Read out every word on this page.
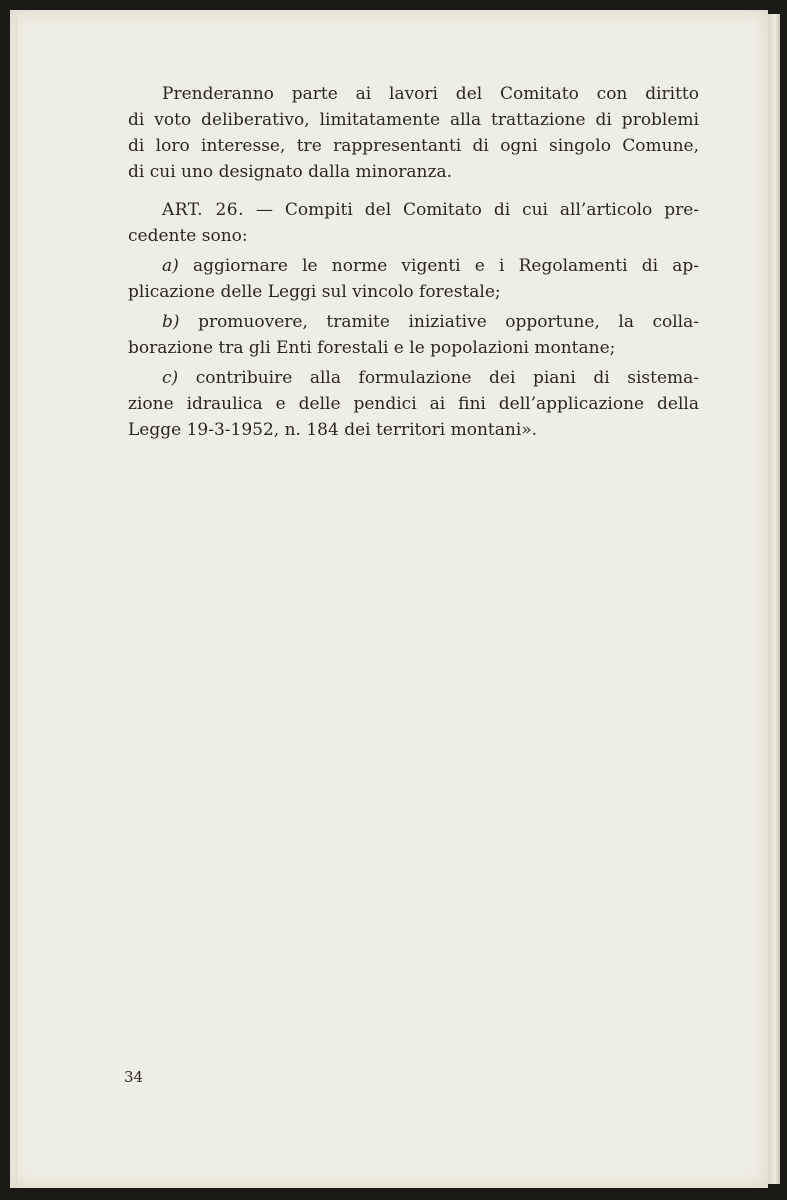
Prenderanno parte ai lavori del Comitato con diritto
di voto deliberativo, limitatamente alla trattazione di problemi
di loro interesse, tre rappresentanti di ogni singolo Comune,
di cui uno designato dalla minoranza.
ART. 26. — Compiti del Comitato di cui all’articolo pre-
cedente sono:
a) aggiornare le norme vigenti e i Regolamenti di ap-
plicazione delle Leggi sul vincolo forestale;
b) promuovere, tramite iniziative opportune, la colla-
borazione tra gli Enti forestali e le popolazioni montane;
c) contribuire alla formulazione dei piani di sistema-
zione idraulica e delle pendici ai fini dell’applicazione della
Legge 19-3-1952, n. 184 dei territori montani».
34
